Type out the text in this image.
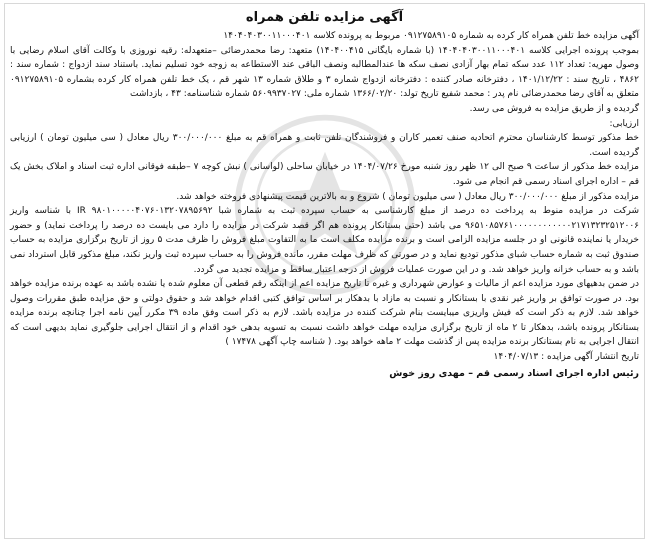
آگهی مزایده تلفن همراه

آگهی مزایده خط تلفن همراه کار کرده به شماره ۰۹۱۲۷۵۸۹۱۰۵ مربوط به پرونده کلاسه ۱۴۰۴۰۴۰۳۰۰۱۱۰۰۰۴۰۱

بموجب پرونده اجرایی کلاسه ۱۴۰۴۰۴۰۳۰۰۱۱۰۰۰۴۰۱ (با شماره بایگانی ۱۴۰۴۰۰۴۱۵) متعهد: رضا محمدرضائی –متعهدله: رقیه نوروزی با وکالت آقای اسلام رضایی با وصول مهریه: تعداد ۱۱۲ عدد سکه تمام بهار آزادی نصف سکه ها عندالمطالبه ونصف الباقی عند الاستطاعه به زوجه خود تسلیم نماید. باستناد سند ازدواج : شماره سند : ۴۸۶۲ ، تاریخ سند : ۱۴۰۱/۱۲/۲۲ ، دفترخانه صادر کننده : دفترخانه ازدواج شماره ۳ و طلاق شماره ۱۳ شهر قم ، یک خط تلفن همراه کار کرده بشماره ۰۹۱۲۷۵۸۹۱۰۵ متعلق به آقای رضا محمدرضائی نام پدر : محمد شفیع تاریخ تولد: ۱۳۶۶/۰۲/۲۰ شماره ملی: ۵۶۰۹۹۳۷۰۲۷ شماره شناسنامه: ۴۳ ، بازداشت

گردیده و از طریق مزایده به فروش می رسد.

ارزیابی:

خط مذکور توسط کارشناسان محترم اتحادیه صنف تعمیر کاران و فروشندگان تلفن ثابت و همراه قم به مبلغ ۳۰۰/۰۰۰/۰۰۰ ریال معادل ( سی میلیون تومان ) ارزیابی گردیده است.

مزایده خط مذکور از ساعت ۹ صبح الی ۱۲ ظهر روز شنبه مورخ ۱۴۰۴/۰۷/۲۶ در خیابان ساحلی (لواسانی ) نبش کوچه ۷ –طبقه فوقانی اداره ثبت اسناد و املاک بخش یک قم – اداره اجرای اسناد رسمی قم انجام می شود.

مزایده مذکور از مبلغ ۳۰۰/۰۰۰/۰۰۰ ریال معادل ( سی میلیون تومان ) شروع و به بالاترین قیمت پیشنهادی فروخته خواهد شد.

شرکت در مزایده منوط به پرداخت ده درصد از مبلغ کارشناسی به حساب سپرده ثبت به شماره شبا IR ۹۸۰۱۰۰۰۰۰۴۰۷۶۰۱۳۲۰۷۸۹۵۶۹۲ با شناسه واریز ۹۶۵۱۰۸۵۷۶۱۰۰۰۰۰۰۰۰۰۰۰۰۲۱۷۱۳۲۳۲۵۱۲۰۰۶ می باشد (حتی بستانکار پرونده هم اگر قصد شرکت در مزایده را دارد می بایست ده درصد را پرداخت نماید) و حضور خریدار یا نماینده قانونی او در جلسه مزایده الزامی است و برنده مزایده مکلف است ما به التفاوت مبلغ فروش را ظرف مدت ۵ روز از تاریخ برگزاری مزایده به حساب صندوق ثبت به شماره حساب شبای مذکور تودیع نماید و در صورتی که ظرف مهلت مقرر، مانده فروش را به حساب سپرده ثبت واریز نکند، مبلغ مذکور قابل استرداد نمی باشد و به حساب خزانه واریز خواهد شد. و در این صورت عملیات فروش از درجه اعتبار ساقط و مزایده تجدید می گردد.

در ضمن بدهیهای مورد مزایده اعم از مالیات و عوارض شهرداری و غیره تا تاریخ مزایده اعم از اینکه رقم قطعی آن معلوم شده یا نشده باشد به عهده برنده مزایده خواهد بود. در صورت توافق بر واریز غیر نقدی با بستانکار و نسبت به مازاد با بدهکار بر اساس توافق کتبی اقدام خواهد شد و حقوق دولتی و حق مزایده طبق مقررات وصول خواهد شد. لازم به ذکر است که فیش واریزی میبایست بنام شرکت کننده در مزایده باشد. لازم به ذکر است وفق ماده ۳۹ مکرر آیین نامه اجرا چنانچه برنده مزایده بستانکار پرونده باشد، بدهکار تا ۲ ماه از تاریخ برگزاری مزایده مهلت خواهد داشت نسبت به تسویه بدهی خود اقدام و از انتقال اجرایی جلوگیری نماید بدیهی است که انتقال اجرایی به نام بستانکار برنده مزایده پس از گذشت مهلت ۲ ماهه خواهد بود. ( شناسه چاپ آگهی ۱۷۴۷۸ )

تاریخ انتشار آگهی مزایده : ۱۴۰۴/۰۷/۱۳

رئیس اداره اجرای اسناد رسمی قم – مهدی روز خوش
